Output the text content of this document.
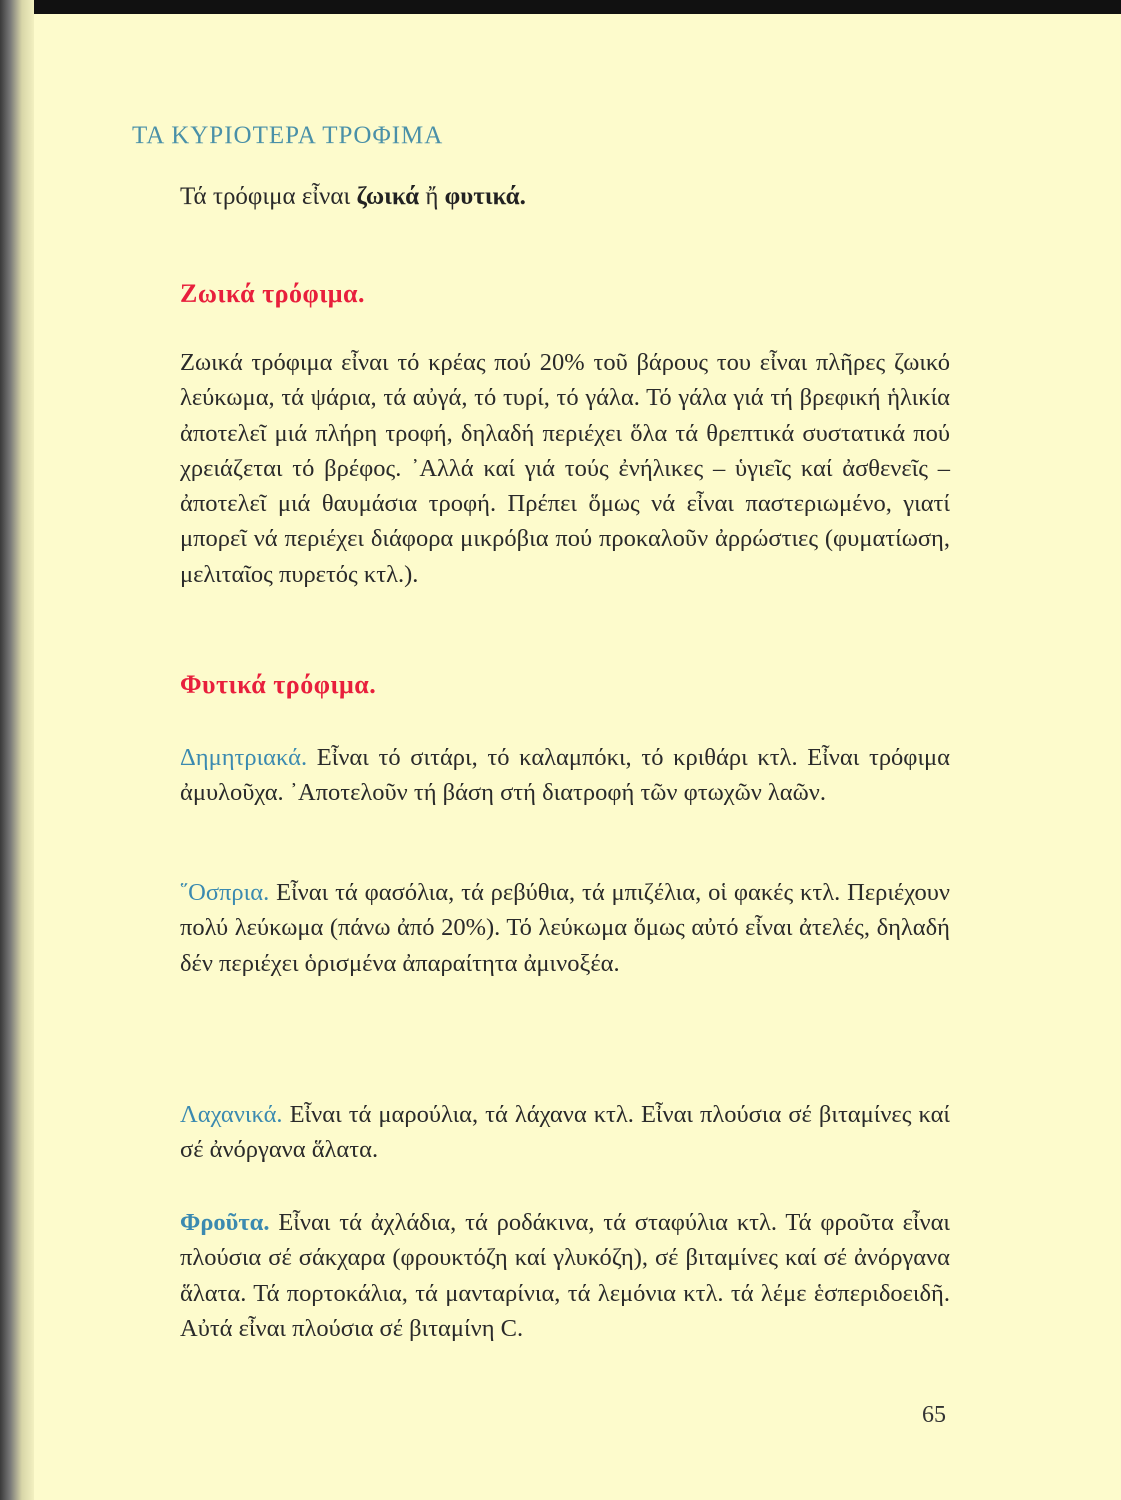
ΤΑ ΚΥΡΙΟΤΕΡΑ ΤΡΟΦΙΜΑ
Τά τρόφιμα εἶναι ζωικά ἤ φυτικά.
Ζωικά τρόφιμα.
Ζωικά τρόφιμα εἶναι τό κρέας πού 20% τοῦ βάρους του εἶναι πλῆρες ζωικό λεύκωμα, τά ψάρια, τά αὐγά, τό τυρί, τό γάλα. Τό γάλα γιά τή βρεφική ἡλικία ἀποτελεῖ μιά πλήρη τροφή, δηλαδή περιέχει ὅλα τά θρεπτικά συστατικά πού χρειάζεται τό βρέφος. ᾽Αλλά καί γιά τούς ἐνήλικες – ὑγιεῖς καί ἀσθενεῖς – ἀποτελεῖ μιά θαυμάσια τροφή. Πρέπει ὅμως νά εἶναι παστεριωμένο, γιατί μπορεῖ νά περιέχει διάφορα μικρόβια πού προκαλοῦν ἀρρώστιες (φυματίωση, μελιταῖος πυρετός κτλ.).
Φυτικά τρόφιμα.
Δημητριακά. Εἶναι τό σιτάρι, τό καλαμπόκι, τό κριθάρι κτλ. Εἶναι τρόφιμα ἀμυλοῦχα. ᾽Αποτελοῦν τή βάση στή διατροφή τῶν φτωχῶν λαῶν.
῞Οσπρια. Εἶναι τά φασόλια, τά ρεβύθια, τά μπιζέλια, οἱ φακές κτλ. Περιέχουν πολύ λεύκωμα (πάνω ἀπό 20%). Τό λεύκωμα ὅμως αὐτό εἶναι ἀτελές, δηλαδή δέν περιέχει ὁρισμένα ἀπαραίτητα ἀμινοξέα.
Λαχανικά. Εἶναι τά μαρούλια, τά λάχανα κτλ. Εἶναι πλούσια σέ βιταμίνες καί σέ ἀνόργανα ἅλατα.
Φροῦτα. Εἶναι τά ἀχλάδια, τά ροδάκινα, τά σταφύλια κτλ. Τά φροῦτα εἶναι πλούσια σέ σάκχαρα (φρουκτόζη καί γλυκόζη), σέ βιταμίνες καί σέ ἀνόργανα ἅλατα. Τά πορτοκάλια, τά μανταρίνια, τά λεμόνια κτλ. τά λέμε ἑσπεριδοειδῆ. Αὐτά εἶναι πλούσια σέ βιταμίνη C.
65
